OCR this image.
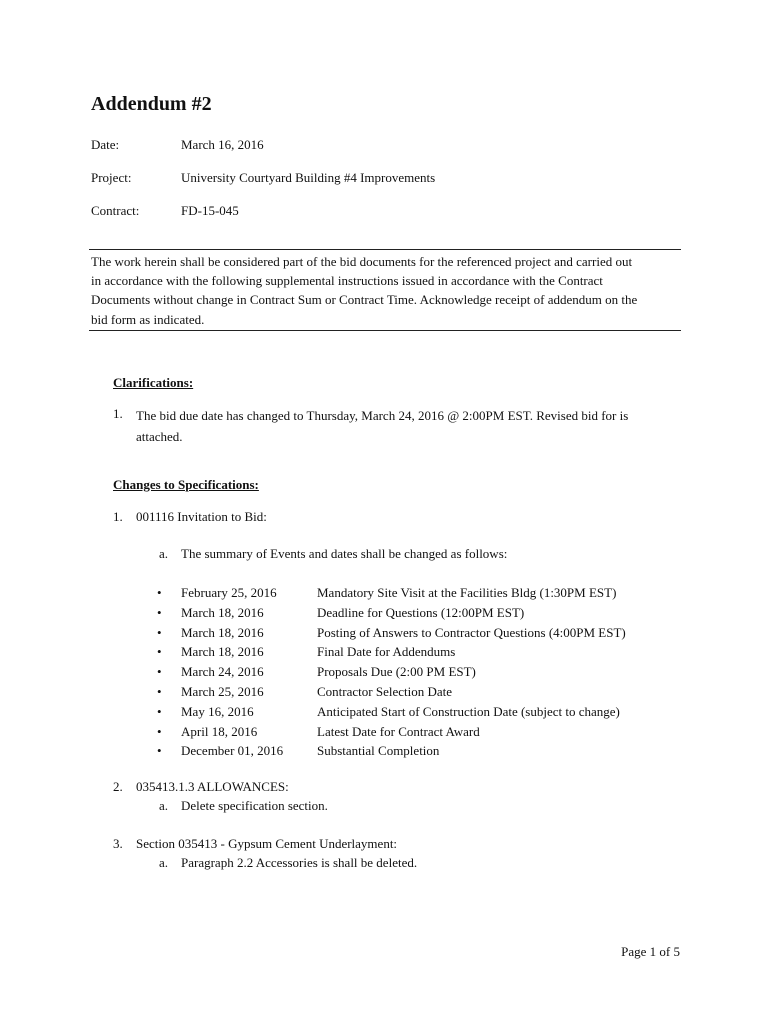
Addendum #2
Date:	March 16, 2016
Project:	University Courtyard Building #4 Improvements
Contract:	FD-15-045
The work herein shall be considered part of the bid documents for the referenced project and carried out
in accordance with the following supplemental instructions issued in accordance with the Contract
Documents without change in Contract Sum or Contract Time. Acknowledge receipt of addendum on the
bid form as indicated.
Clarifications:
1. The bid due date has changed to Thursday, March 24, 2016 @ 2:00PM EST. Revised bid for is
attached.
Changes to Specifications:
1. 001116 Invitation to Bid:
a. The summary of Events and dates shall be changed as follows:
• February 25, 2016	Mandatory Site Visit at the Facilities Bldg (1:30PM EST)
• March 18, 2016	Deadline for Questions (12:00PM EST)
• March 18, 2016	Posting of Answers to Contractor Questions (4:00PM EST)
• March 18, 2016	Final Date for Addendums
• March 24, 2016	Proposals Due (2:00 PM EST)
• March 25, 2016	Contractor Selection Date
• May 16, 2016	Anticipated Start of Construction Date (subject to change)
• April 18, 2016	Latest Date for Contract Award
• December 01, 2016	Substantial Completion
2. 035413.1.3 ALLOWANCES:
a. Delete specification section.
3. Section 035413 - Gypsum Cement Underlayment:
a. Paragraph 2.2 Accessories is shall be deleted.
Page 1 of 5
